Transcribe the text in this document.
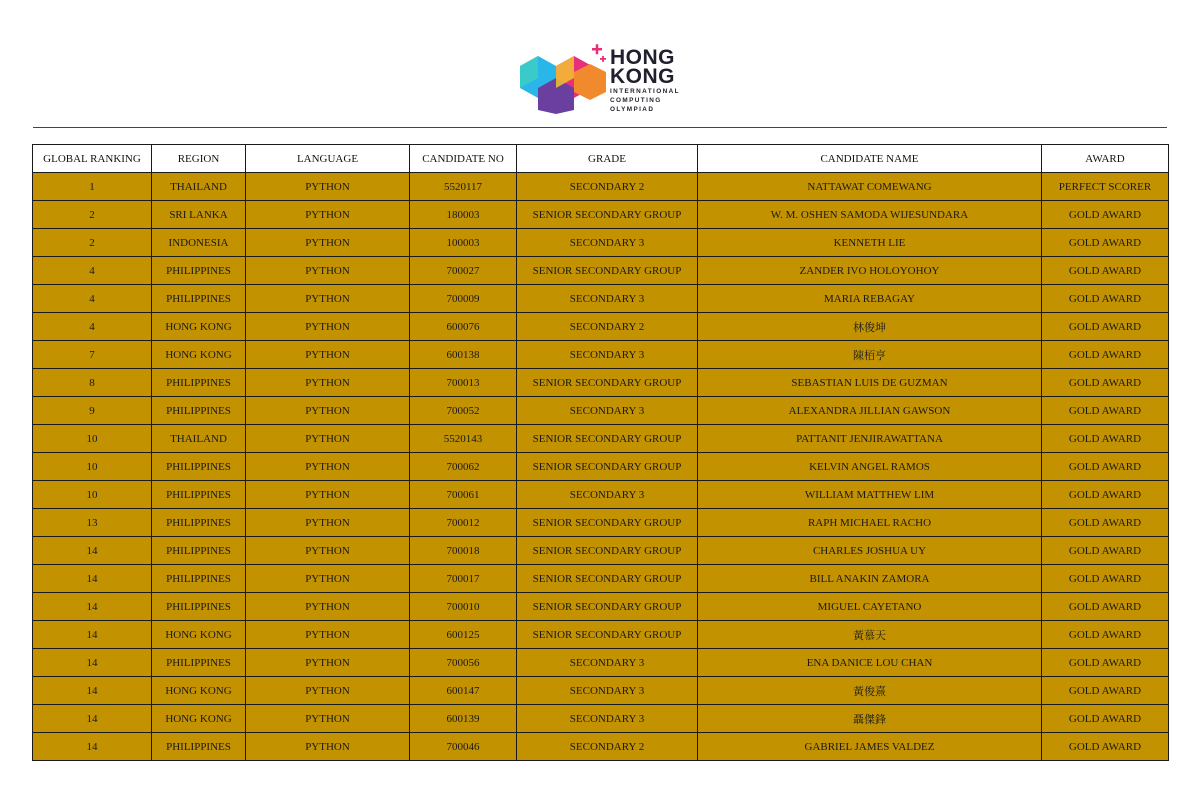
HONG
KONG
INTERNATIONAL
COMPUTING
OLYMPIAD
GLOBAL RANKING	REGION	LANGUAGE	CANDIDATE NO	GRADE	CANDIDATE NAME	AWARD
1	THAILAND	PYTHON	5520117	SECONDARY 2	NATTAWAT COMEWANG	PERFECT SCORER
2	SRI LANKA	PYTHON	180003	SENIOR SECONDARY GROUP	W. M. OSHEN SAMODA WIJESUNDARA	GOLD AWARD
2	INDONESIA	PYTHON	100003	SECONDARY 3	KENNETH LIE	GOLD AWARD
4	PHILIPPINES	PYTHON	700027	SENIOR SECONDARY GROUP	ZANDER IVO HOLOYOHOY	GOLD AWARD
4	PHILIPPINES	PYTHON	700009	SECONDARY 3	MARIA REBAGAY	GOLD AWARD
4	HONG KONG	PYTHON	600076	SECONDARY 2	林俊坤	GOLD AWARD
7	HONG KONG	PYTHON	600138	SECONDARY 3	陳栢亨	GOLD AWARD
8	PHILIPPINES	PYTHON	700013	SENIOR SECONDARY GROUP	SEBASTIAN LUIS DE GUZMAN	GOLD AWARD
9	PHILIPPINES	PYTHON	700052	SECONDARY 3	ALEXANDRA JILLIAN GAWSON	GOLD AWARD
10	THAILAND	PYTHON	5520143	SENIOR SECONDARY GROUP	PATTANIT JENJIRAWATTANA	GOLD AWARD
10	PHILIPPINES	PYTHON	700062	SENIOR SECONDARY GROUP	KELVIN ANGEL RAMOS	GOLD AWARD
10	PHILIPPINES	PYTHON	700061	SECONDARY 3	WILLIAM MATTHEW LIM	GOLD AWARD
13	PHILIPPINES	PYTHON	700012	SENIOR SECONDARY GROUP	RAPH MICHAEL RACHO	GOLD AWARD
14	PHILIPPINES	PYTHON	700018	SENIOR SECONDARY GROUP	CHARLES JOSHUA UY	GOLD AWARD
14	PHILIPPINES	PYTHON	700017	SENIOR SECONDARY GROUP	BILL ANAKIN ZAMORA	GOLD AWARD
14	PHILIPPINES	PYTHON	700010	SENIOR SECONDARY GROUP	MIGUEL CAYETANO	GOLD AWARD
14	HONG KONG	PYTHON	600125	SENIOR SECONDARY GROUP	黃慕天	GOLD AWARD
14	PHILIPPINES	PYTHON	700056	SECONDARY 3	ENA DANICE LOU CHAN	GOLD AWARD
14	HONG KONG	PYTHON	600147	SECONDARY 3	黃俊熹	GOLD AWARD
14	HONG KONG	PYTHON	600139	SECONDARY 3	聶傑鋒	GOLD AWARD
14	PHILIPPINES	PYTHON	700046	SECONDARY 2	GABRIEL JAMES VALDEZ	GOLD AWARD
